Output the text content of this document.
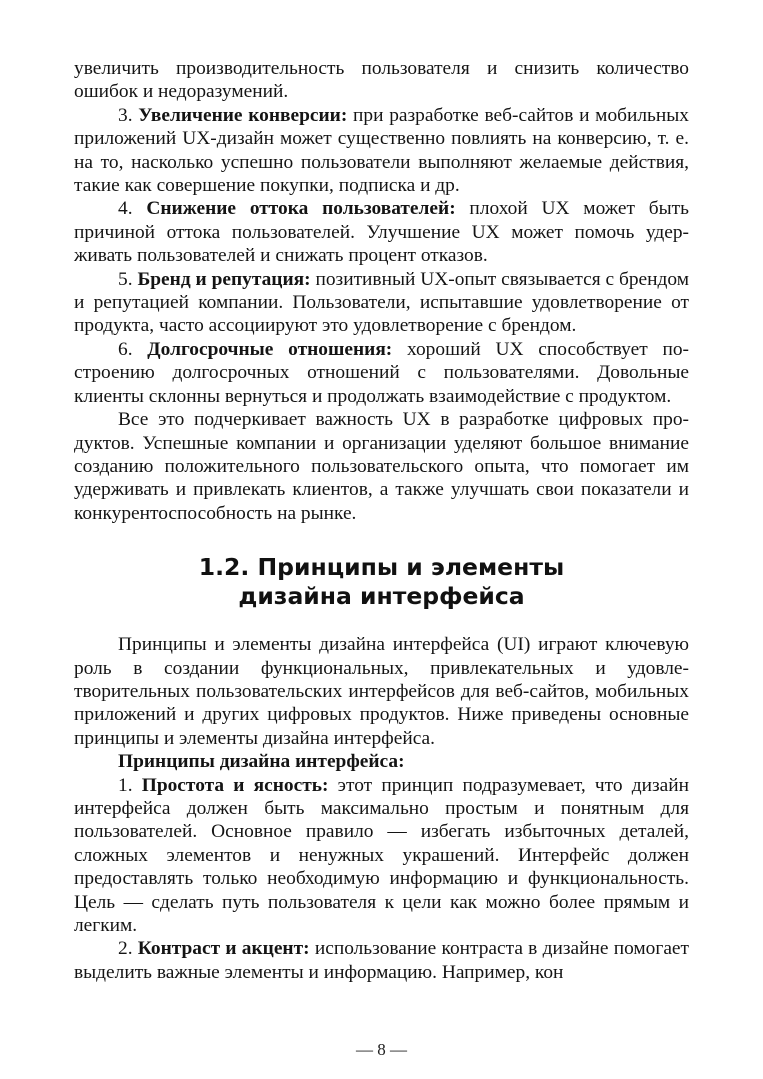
увеличить производительность пользователя и снизить количество ошибок и недоразумений.

3. Увеличение конверсии: при разработке веб-сайтов и мобильных приложений UX-дизайн может существенно повлиять на конверсию, т. е. на то, насколько успешно пользователи выполняют желаемые действия, такие как совершение покупки, подписка и др.

4. Снижение оттока пользователей: плохой UX может быть причиной оттока пользователей. Улучшение UX может помочь удерживать пользователей и снижать процент отказов.

5. Бренд и репутация: позитивный UX-опыт связывается с брендом и репутацией компании. Пользователи, испытавшие удовлетворение от продукта, часто ассоциируют это удовлетворение с брендом.

6. Долгосрочные отношения: хороший UX способствует построению долгосрочных отношений с пользователями. Довольные клиенты склонны вернуться и продолжать взаимодействие с продуктом.

Все это подчеркивает важность UX в разработке цифровых продуктов. Успешные компании и организации уделяют большое внимание созданию положительного пользовательского опыта, что помогает им удерживать и привлекать клиентов, а также улучшать свои показатели и конкурентоспособность на рынке.

1.2. Принципы и элементы
дизайна интерфейса

Принципы и элементы дизайна интерфейса (UI) играют ключевую роль в создании функциональных, привлекательных и удовлетворительных пользовательских интерфейсов для веб-сайтов, мобильных приложений и других цифровых продуктов. Ниже приведены основные принципы и элементы дизайна интерфейса.

Принципы дизайна интерфейса:

1. Простота и ясность: этот принцип подразумевает, что дизайн интерфейса должен быть максимально простым и понятным для пользователей. Основное правило — избегать избыточных деталей, сложных элементов и ненужных украшений. Интерфейс должен предоставлять только необходимую информацию и функциональность. Цель — сделать путь пользователя к цели как можно более прямым и легким.

2. Контраст и акцент: использование контраста в дизайне помогает выделить важные элементы и информацию. Например, кон

— 8 —
